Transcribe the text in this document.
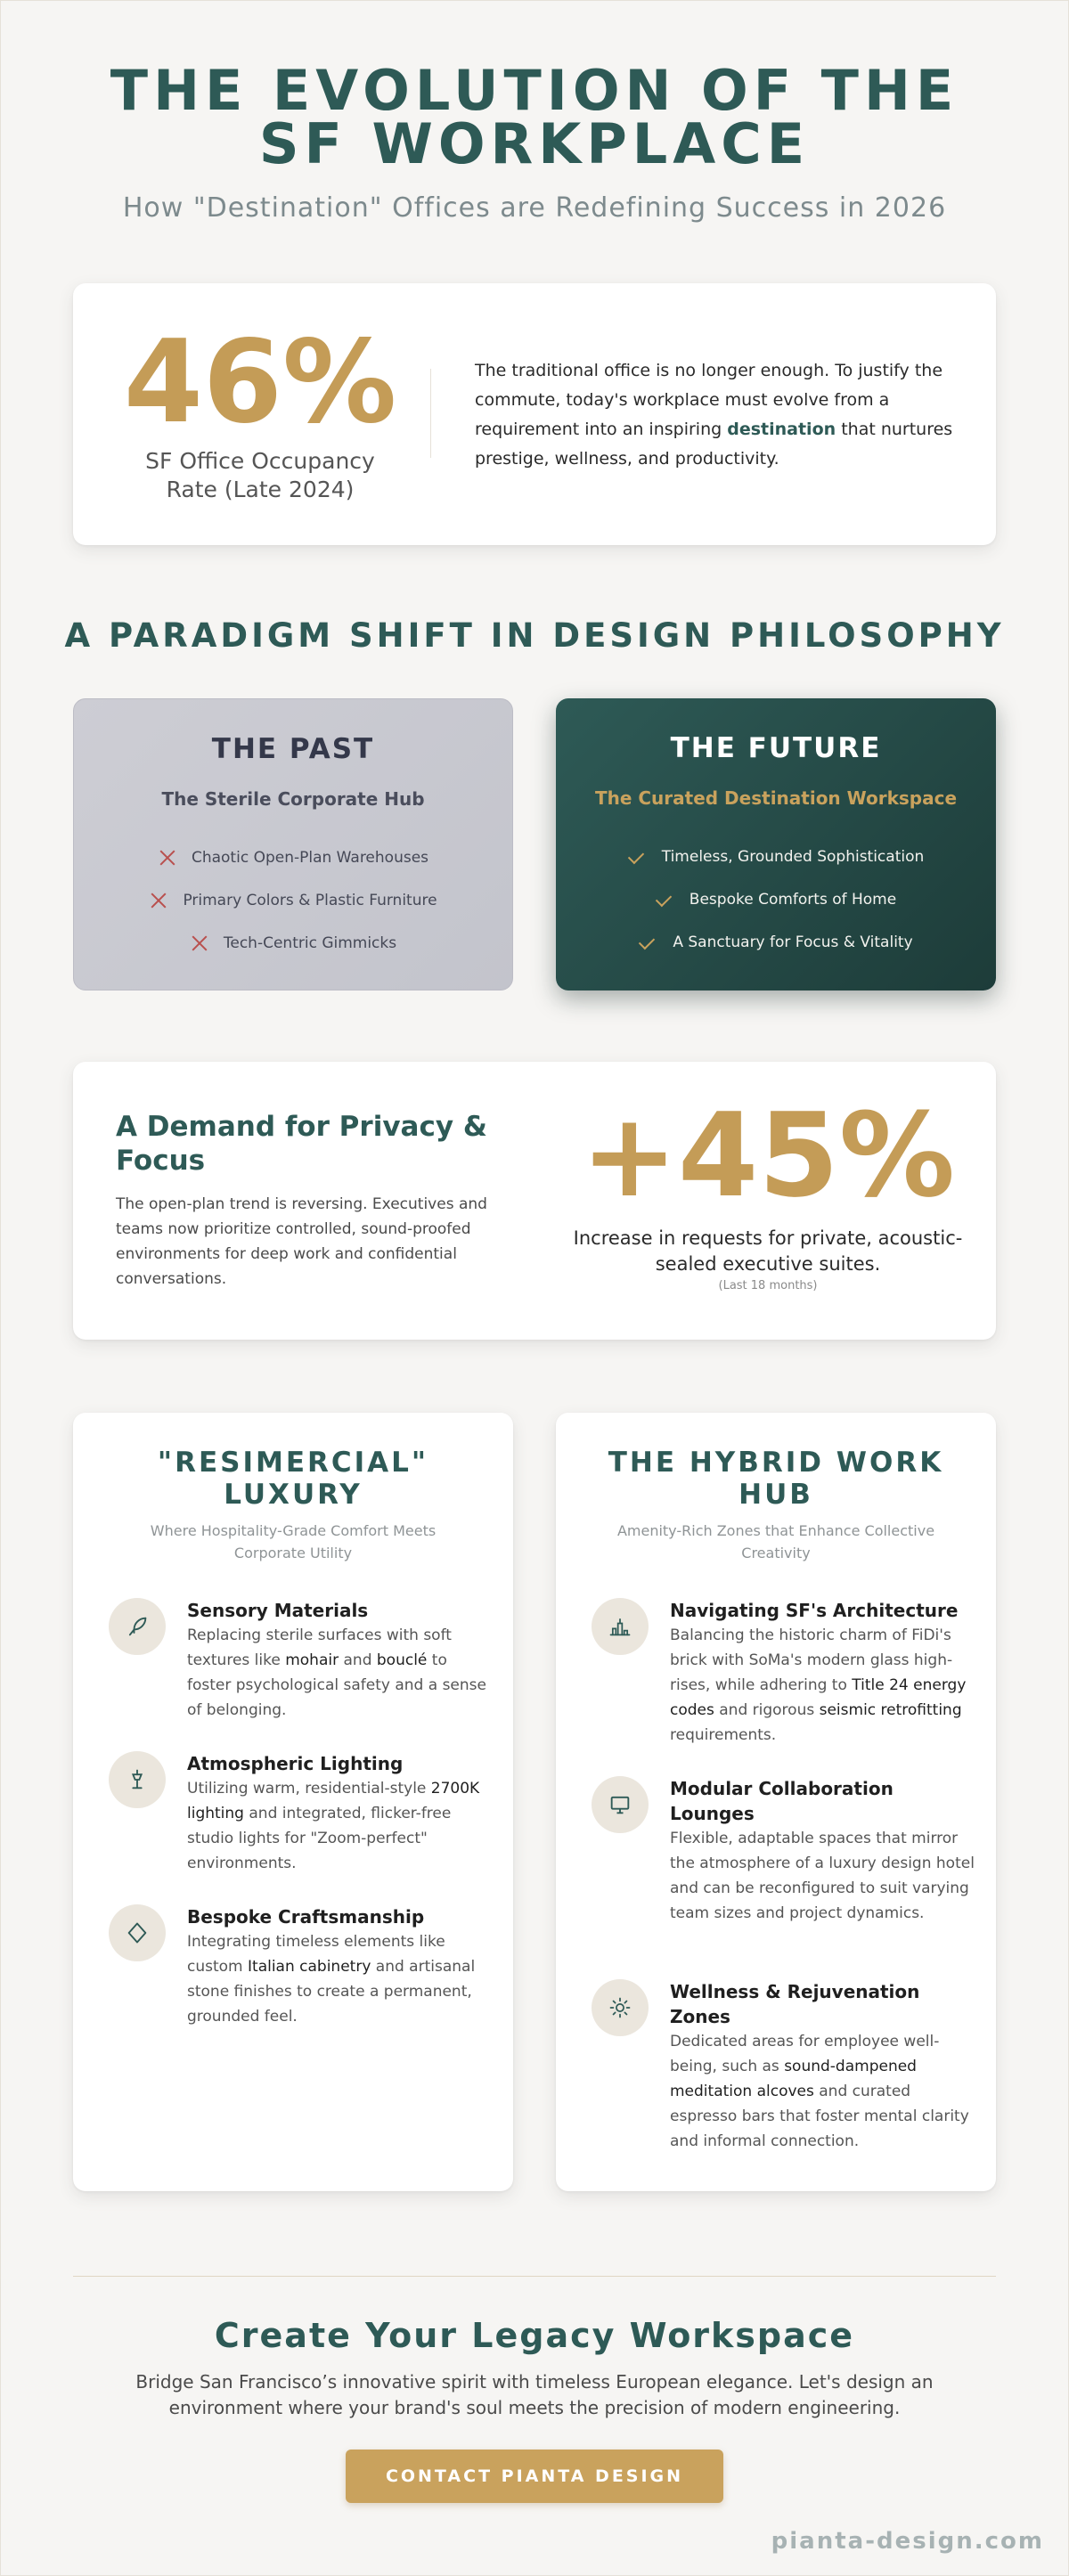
THE EVOLUTION OF THE
SF WORKPLACE
How "Destination" Offices are Redefining Success in 2026
46%
SF Office Occupancy Rate (Late 2024)
The traditional office is no longer enough. To justify the commute, today's workplace must evolve from a requirement into an inspiring destination that nurtures prestige, wellness, and productivity.
A PARADIGM SHIFT IN DESIGN PHILOSOPHY
THE PAST
The Sterile Corporate Hub
Chaotic Open-Plan Warehouses
Primary Colors & Plastic Furniture
Tech-Centric Gimmicks
THE FUTURE
The Curated Destination Workspace
Timeless, Grounded Sophistication
Bespoke Comforts of Home
A Sanctuary for Focus & Vitality
A Demand for Privacy & Focus
The open-plan trend is reversing. Executives and teams now prioritize controlled, sound-proofed environments for deep work and confidential conversations.
+45%
Increase in requests for private, acoustic-sealed executive suites.
(Last 18 months)
"RESIMERCIAL" LUXURY
Where Hospitality-Grade Comfort Meets Corporate Utility
Sensory Materials
Replacing sterile surfaces with soft textures like mohair and bouclé to foster psychological safety and a sense of belonging.
Atmospheric Lighting
Utilizing warm, residential-style 2700K lighting and integrated, flicker-free studio lights for "Zoom-perfect" environments.
Bespoke Craftsmanship
Integrating timeless elements like custom Italian cabinetry and artisanal stone finishes to create a permanent, grounded feel.
THE HYBRID WORK HUB
Amenity-Rich Zones that Enhance Collective Creativity
Navigating SF's Architecture
Balancing the historic charm of FiDi's brick with SoMa's modern glass high-rises, while adhering to Title 24 energy codes and rigorous seismic retrofitting requirements.
Modular Collaboration Lounges
Flexible, adaptable spaces that mirror the atmosphere of a luxury design hotel and can be reconfigured to suit varying team sizes and project dynamics.
Wellness & Rejuvenation Zones
Dedicated areas for employee well-being, such as sound-dampened meditation alcoves and curated espresso bars that foster mental clarity and informal connection.
Create Your Legacy Workspace
Bridge San Francisco’s innovative spirit with timeless European elegance. Let's design an environment where your brand's soul meets the precision of modern engineering.
CONTACT PIANTA DESIGN
pianta-design.com
